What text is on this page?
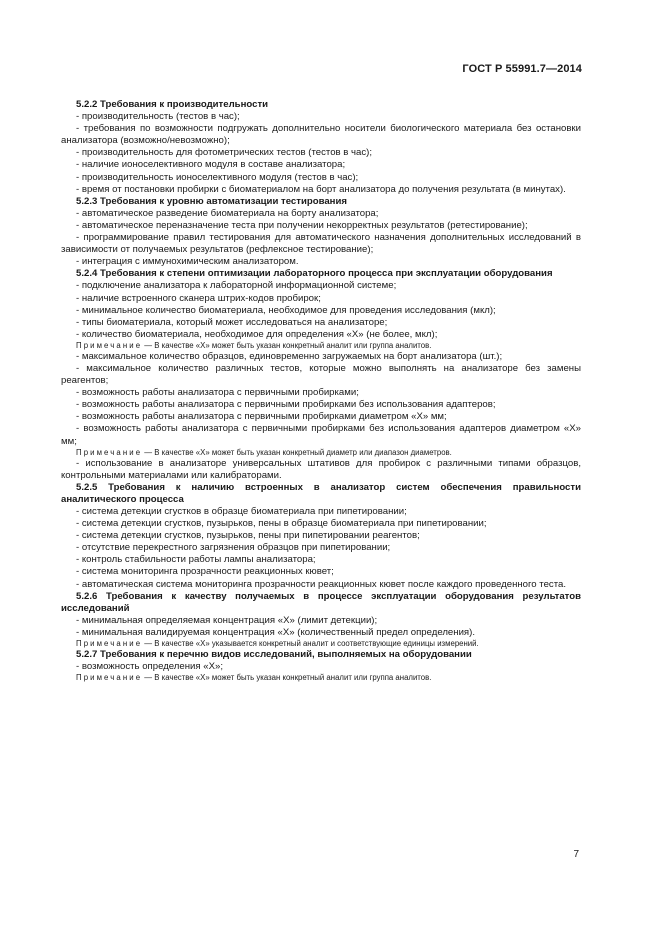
ГОСТ Р 55991.7—2014

5.2.2 Требования к производительности

- производительность (тестов в час);

- требования по возможности подгружать дополнительно носители биологического материала без остановки анализатора (возможно/невозможно);

- производительность для фотометрических тестов (тестов в час);

- наличие ионоселективного модуля в составе анализатора;

- производительность ионоселективного модуля (тестов в час);

- время от постановки пробирки с биоматериалом на борт анализатора до получения результата (в минутах).

5.2.3 Требования к уровню автоматизации тестирования

- автоматическое разведение биоматериала на борту анализатора;

- автоматическое переназначение теста при получении некорректных результатов (ретестирование);

- программирование правил тестирования для автоматического назначения дополнительных исследований в зависимости от получаемых результатов (рефлексное тестирование);

- интеграция с иммунохимическим анализатором.

5.2.4 Требования к степени оптимизации лабораторного процесса при эксплуатации оборудования

- подключение анализатора к лабораторной информационной системе;

- наличие встроенного сканера штрих-кодов пробирок;

- минимальное количество биоматериала, необходимое для проведения исследования (мкл);

- типы биоматериала, который может исследоваться на анализаторе;

- количество биоматериала, необходимое для определения «Х» (не более, мкл);

Примечание — В качестве «Х» может быть указан конкретный аналит или группа аналитов.

- максимальное количество образцов, единовременно загружаемых на борт анализатора (шт.);

- максимальное количество различных тестов, которые можно выполнять на анализаторе без замены реагентов;

- возможность работы анализатора с первичными пробирками;

- возможность работы анализатора с первичными пробирками без использования адаптеров;

- возможность работы анализатора с первичными пробирками диаметром «Х» мм;

- возможность работы анализатора с первичными пробирками без использования адаптеров диаметром «Х» мм;

Примечание — В качестве «Х» может быть указан конкретный диаметр или диапазон диаметров.

- использование в анализаторе универсальных штативов для пробирок с различными типами образцов, контрольными материалами или калибраторами.

5.2.5 Требования к наличию встроенных в анализатор систем обеспечения правильности аналитического процесса

- система детекции сгустков в образце биоматериала при пипетировании;

- система детекции сгустков, пузырьков, пены в образце биоматериала при пипетировании;

- система детекции сгустков, пузырьков, пены при пипетировании реагентов;

- отсутствие перекрестного загрязнения образцов при пипетировании;

- контроль стабильности работы лампы анализатора;

- система мониторинга прозрачности реакционных кювет;

- автоматическая система мониторинга прозрачности реакционных кювет после каждого проведенного теста.

5.2.6 Требования к качеству получаемых в процессе эксплуатации оборудования результатов исследований

- минимальная определяемая концентрация «Х» (лимит детекции);

- минимальная валидируемая концентрация «Х» (количественный предел определения).

Примечание — В качестве «Х» указывается конкретный аналит и соответствующие единицы измерений.

5.2.7 Требования к перечню видов исследований, выполняемых на оборудовании

- возможность определения «Х»;

Примечание — В качестве «Х» может быть указан конкретный аналит или группа аналитов.

7
